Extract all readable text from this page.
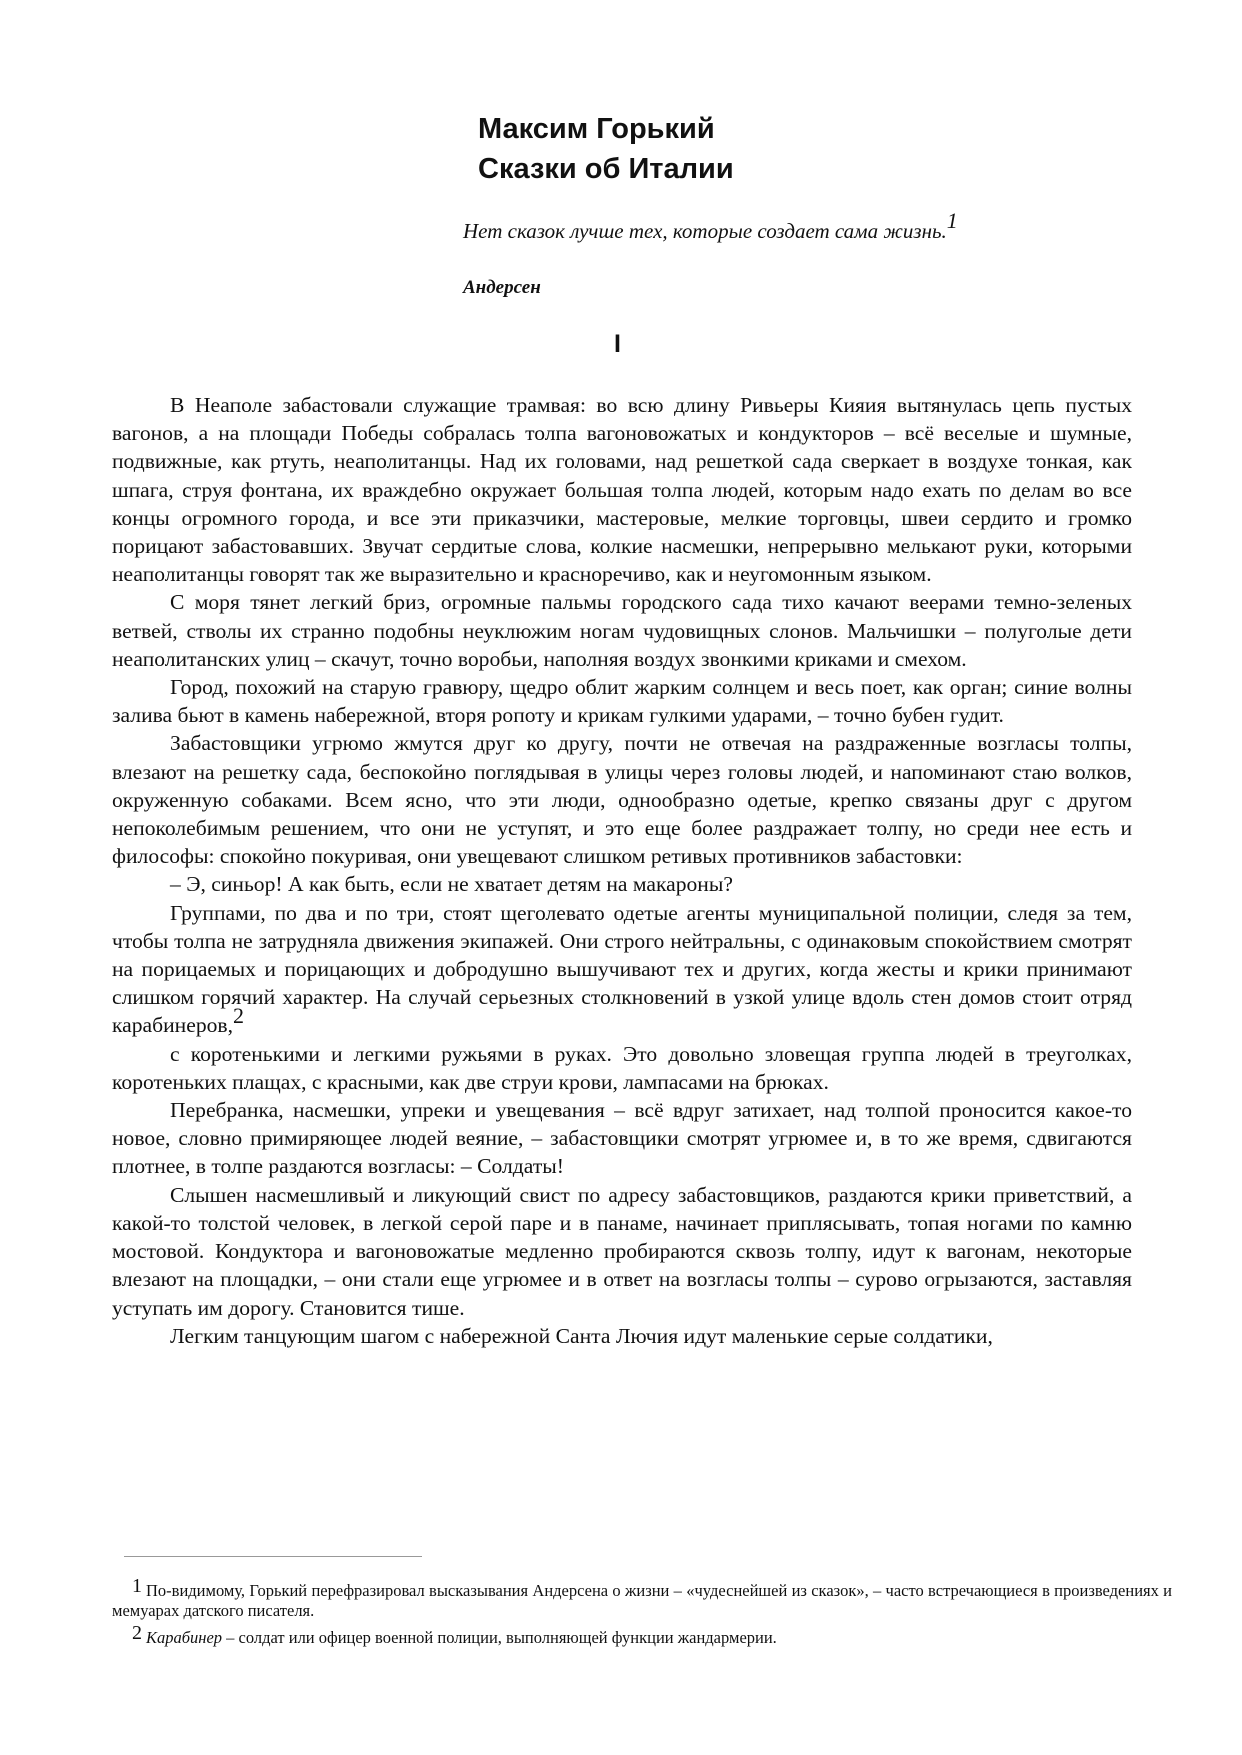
Максим Горький
Сказки об Италии
Нет сказок лучше тех, которые создает сама жизнь.1
Андерсен
I

В Неаполе забастовали служащие трамвая: во всю длину Ривьеры Кияия вытянулась цепь пустых вагонов, а на площади Победы собралась толпа вагоновожатых и кондукторов – всё веселые и шумные, подвижные, как ртуть, неаполитанцы. Над их головами, над решеткой сада сверкает в воздухе тонкая, как шпага, струя фонтана, их враждебно окружает большая толпа людей, которым надо ехать по делам во все концы огромного города, и все эти приказчики, мастеровые, мелкие торговцы, швеи сердито и громко порицают забастовавших. Звучат сердитые слова, колкие насмешки, непрерывно мелькают руки, которыми неаполитанцы говорят так же выразительно и красноречиво, как и неугомонным языком.

С моря тянет легкий бриз, огромные пальмы городского сада тихо качают веерами темно-зеленых ветвей, стволы их странно подобны неуклюжим ногам чудовищных слонов. Мальчишки – полуголые дети неаполитанских улиц – скачут, точно воробьи, наполняя воздух звонкими криками и смехом.

Город, похожий на старую гравюру, щедро облит жарким солнцем и весь поет, как орган; синие волны залива бьют в камень набережной, вторя ропоту и крикам гулкими ударами, – точно бубен гудит.

Забастовщики угрюмо жмутся друг ко другу, почти не отвечая на раздраженные возгласы толпы, влезают на решетку сада, беспокойно поглядывая в улицы через головы людей, и напоминают стаю волков, окруженную собаками. Всем ясно, что эти люди, однообразно одетые, крепко связаны друг с другом непоколебимым решением, что они не уступят, и это еще более раздражает толпу, но среди нее есть и философы: спокойно покуривая, они увещевают слишком ретивых противников забастовки:

– Э, синьор! А как быть, если не хватает детям на макароны?

Группами, по два и по три, стоят щеголевато одетые агенты муниципальной полиции, следя за тем, чтобы толпа не затрудняла движения экипажей. Они строго нейтральны, с одинаковым спокойствием смотрят на порицаемых и порицающих и добродушно вышучивают тех и других, когда жесты и крики принимают слишком горячий характер. На случай серьезных столкновений в узкой улице вдоль стен домов стоит отряд карабинеров,2

с коротенькими и легкими ружьями в руках. Это довольно зловещая группа людей в треуголках, коротеньких плащах, с красными, как две струи крови, лампасами на брюках.

Перебранка, насмешки, упреки и увещевания – всё вдруг затихает, над толпой проносится какое-то новое, словно примиряющее людей веяние, – забастовщики смотрят угрюмее и, в то же время, сдвигаются плотнее, в толпе раздаются возгласы: – Солдаты!

Слышен насмешливый и ликующий свист по адресу забастовщиков, раздаются крики приветствий, а какой-то толстой человек, в легкой серой паре и в панаме, начинает приплясывать, топая ногами по камню мостовой. Кондуктора и вагоновожатые медленно пробираются сквозь толпу, идут к вагонам, некоторые влезают на площадки, – они стали еще угрюмее и в ответ на возгласы толпы – сурово огрызаются, заставляя уступать им дорогу. Становится тише.

Легким танцующим шагом с набережной Санта Лючия идут маленькие серые солдатики,

1 По-видимому, Горький перефразировал высказывания Андерсена о жизни – «чудеснейшей из сказок», – часто встречающиеся в произведениях и мемуарах датского писателя.

2 Карабинер – солдат или офицер военной полиции, выполняющей функции жандармерии.
